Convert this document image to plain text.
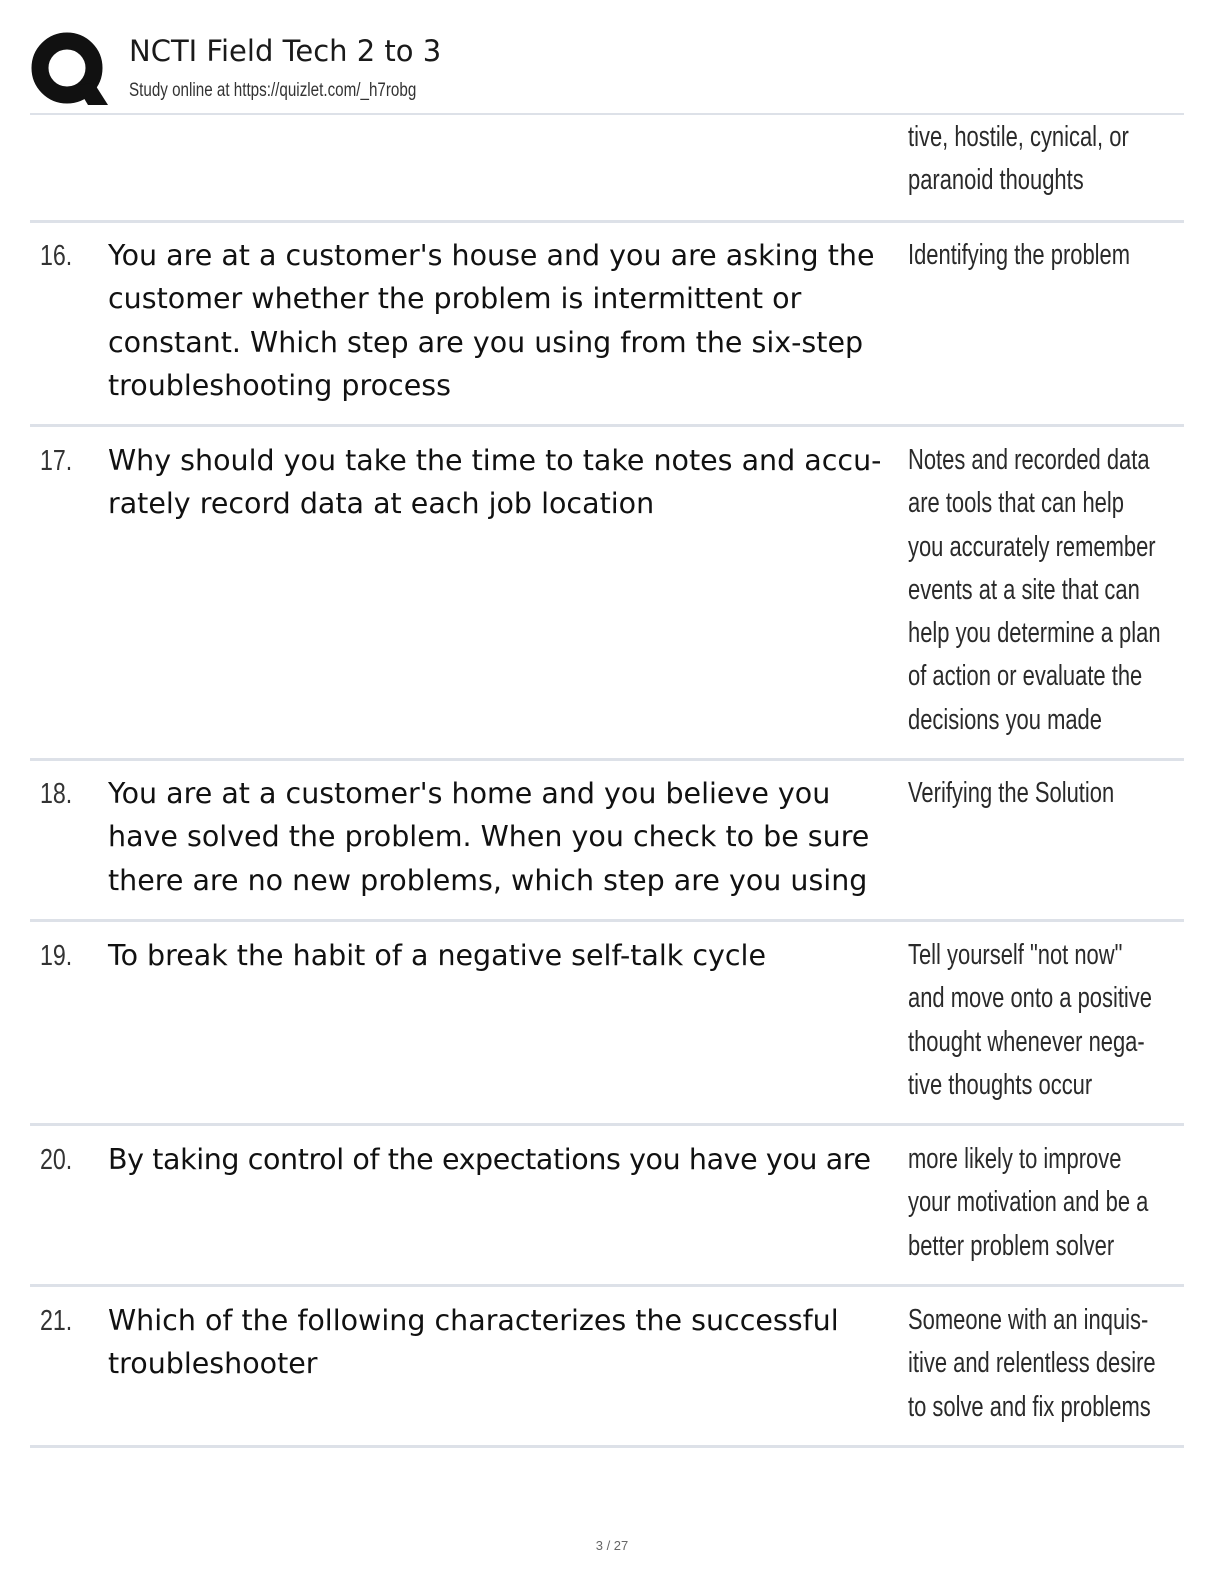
NCTI Field Tech 2 to 3
Study online at https://quizlet.com/_h7robg
tive, hostile, cynical, or paranoid thoughts
16. You are at a customer's house and you are asking the customer whether the problem is intermittent or constant. Which step are you using from the six-step troubleshooting process
Identifying the problem
17. Why should you take the time to take notes and accu-rately record data at each job location
Notes and recorded data are tools that can help you accurately remember events at a site that can help you determine a plan of action or evaluate the decisions you made
18. You are at a customer's home and you believe you have solved the problem. When you check to be sure there are no new problems, which step are you using
Verifying the Solution
19. To break the habit of a negative self-talk cycle	Tell yourself "not now" and move onto a positive thought whenever nega-tive thoughts occur
20. By taking control of the expectations you have you are	more likely to improve your motivation and be a better problem solver
21. Which of the following characterizes the successful troubleshooter
Someone with an inquis-itive and relentless desire to solve and fix problems
3 / 27
